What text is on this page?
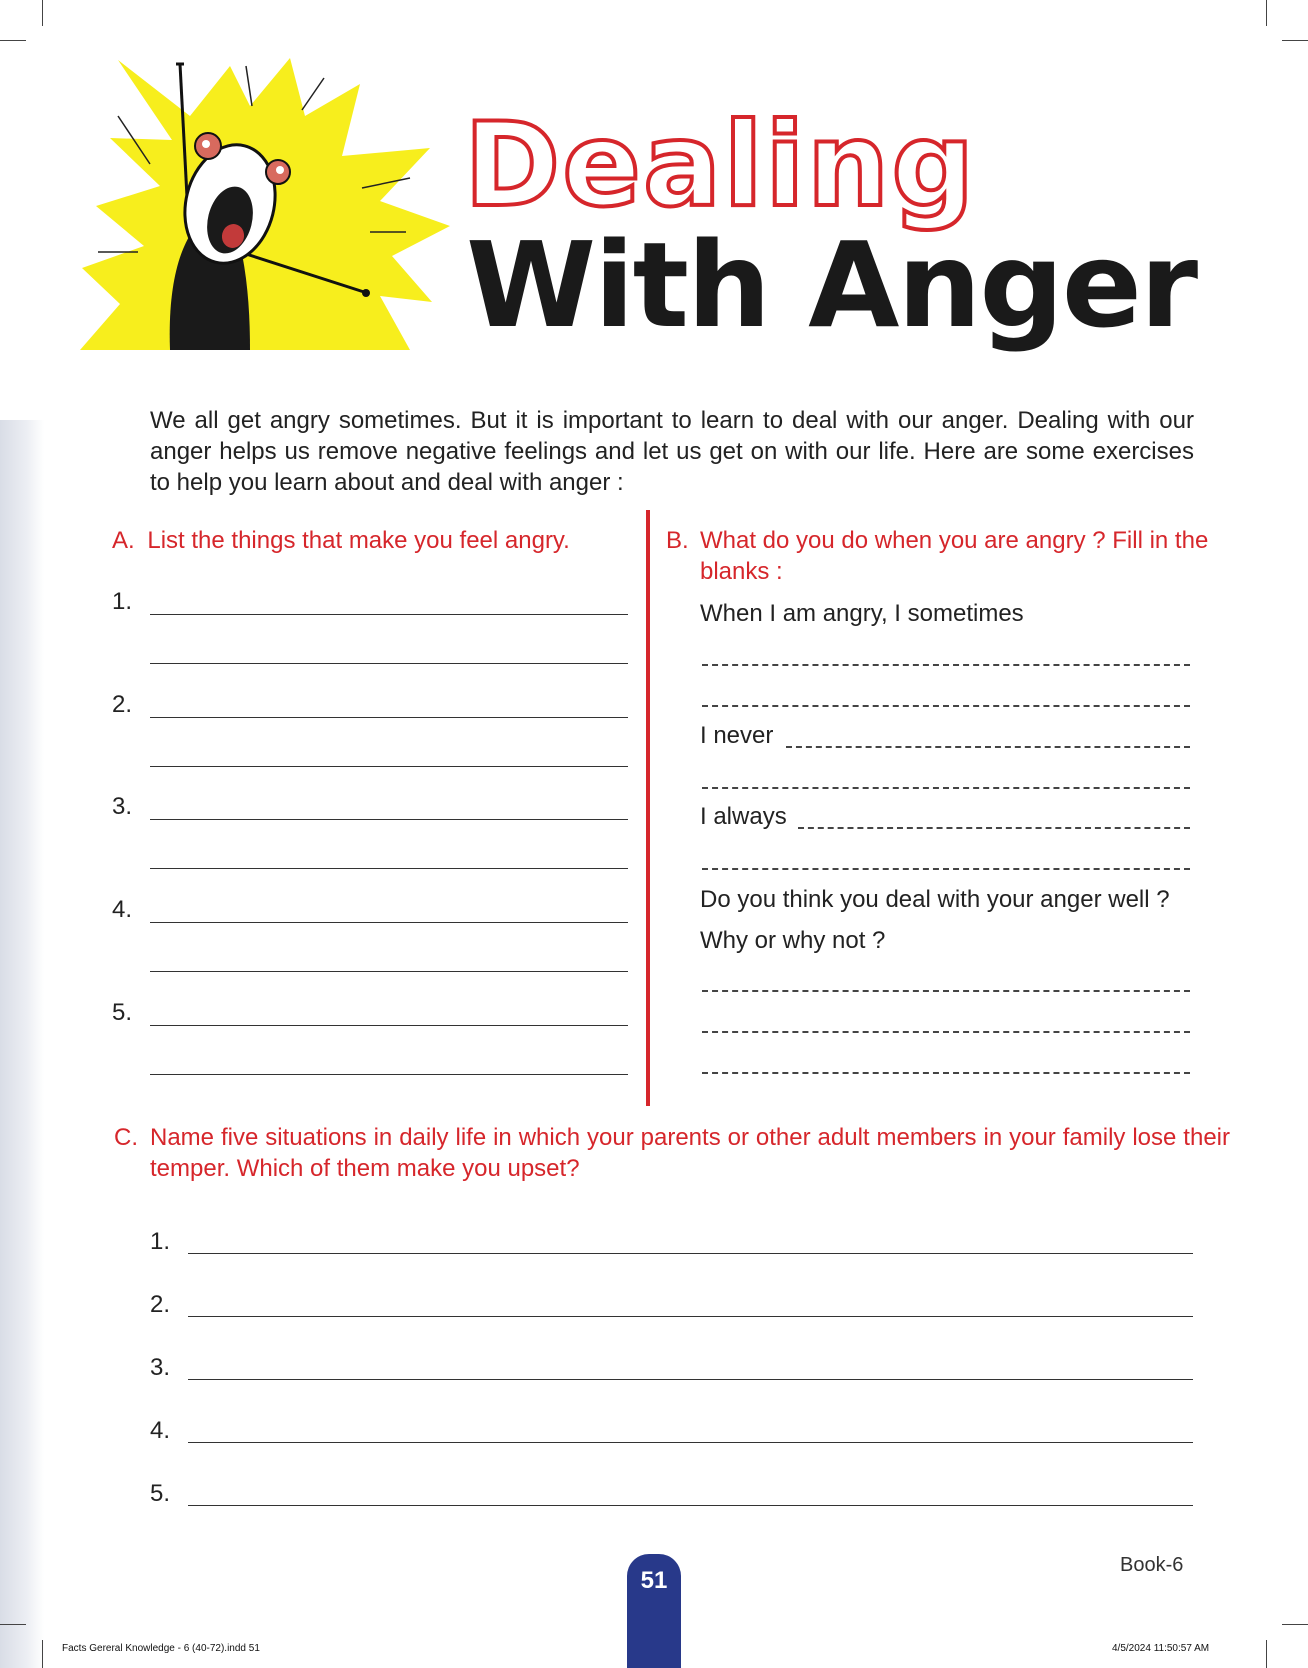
Dealing
With Anger
We all get angry sometimes. But it is important to learn to deal with our anger. Dealing with our anger helps us remove negative feelings and let us get on with our life. Here are some exercises to help you learn about and deal with anger :
A. List the things that make you feel angry.
1.
2.
3.
4.
5.
B. What do you do when you are angry ? Fill in the blanks :
When I am angry, I sometimes
I never
I always
Do you think you deal with your anger well ?
Why or why not ?
C. Name five situations in daily life in which your parents or other adult members in your family lose their temper. Which of them make you upset?
1.
2.
3.
4.
5.
51
Book-6
Facts Gereral Knowledge - 6 (40-72).indd 51	4/5/2024 11:50:57 AM
